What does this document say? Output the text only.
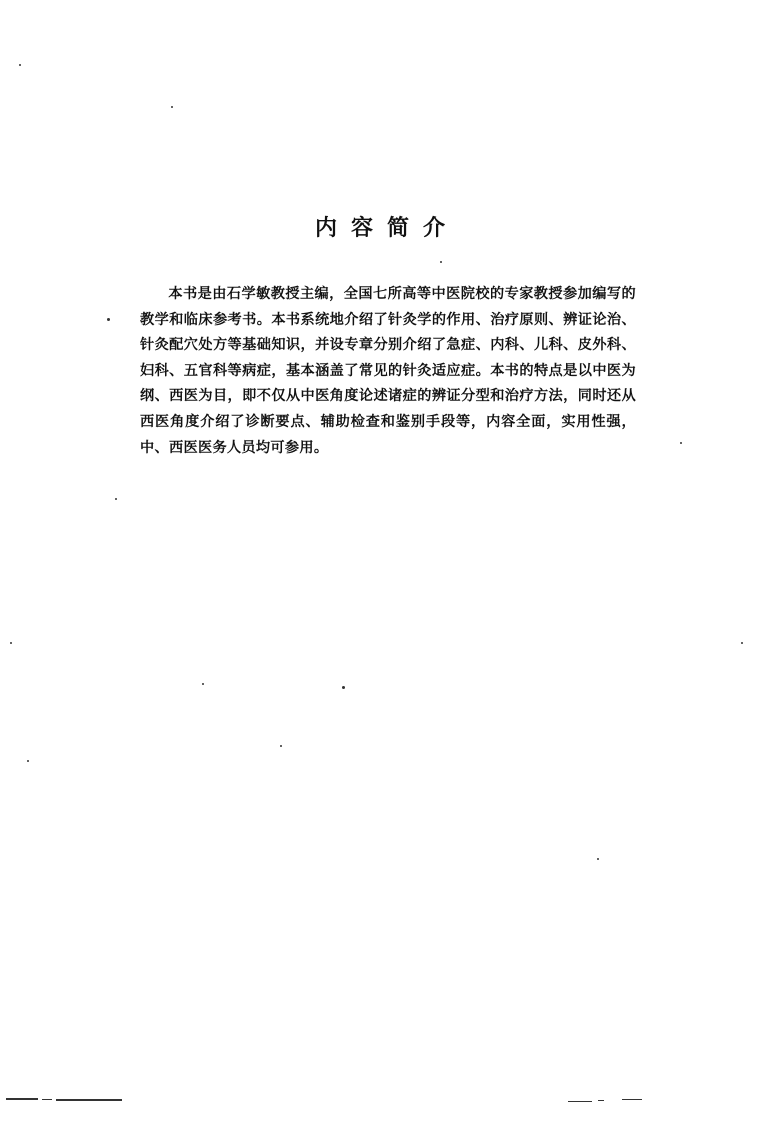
内容简介

本书是由石学敏教授主编，全国七所高等中医院校的专家教授参加编写的教学和临床参考书。本书系统地介绍了针灸学的作用、治疗原则、辨证论治、针灸配穴处方等基础知识，并设专章分别介绍了急症、内科、儿科、皮外科、妇科、五官科等病症，基本涵盖了常见的针灸适应症。本书的特点是以中医为纲、西医为目，即不仅从中医角度论述诸症的辨证分型和治疗方法，同时还从西医角度介绍了诊断要点、辅助检查和鉴别手段等，内容全面，实用性强，中、西医医务人员均可参用。
